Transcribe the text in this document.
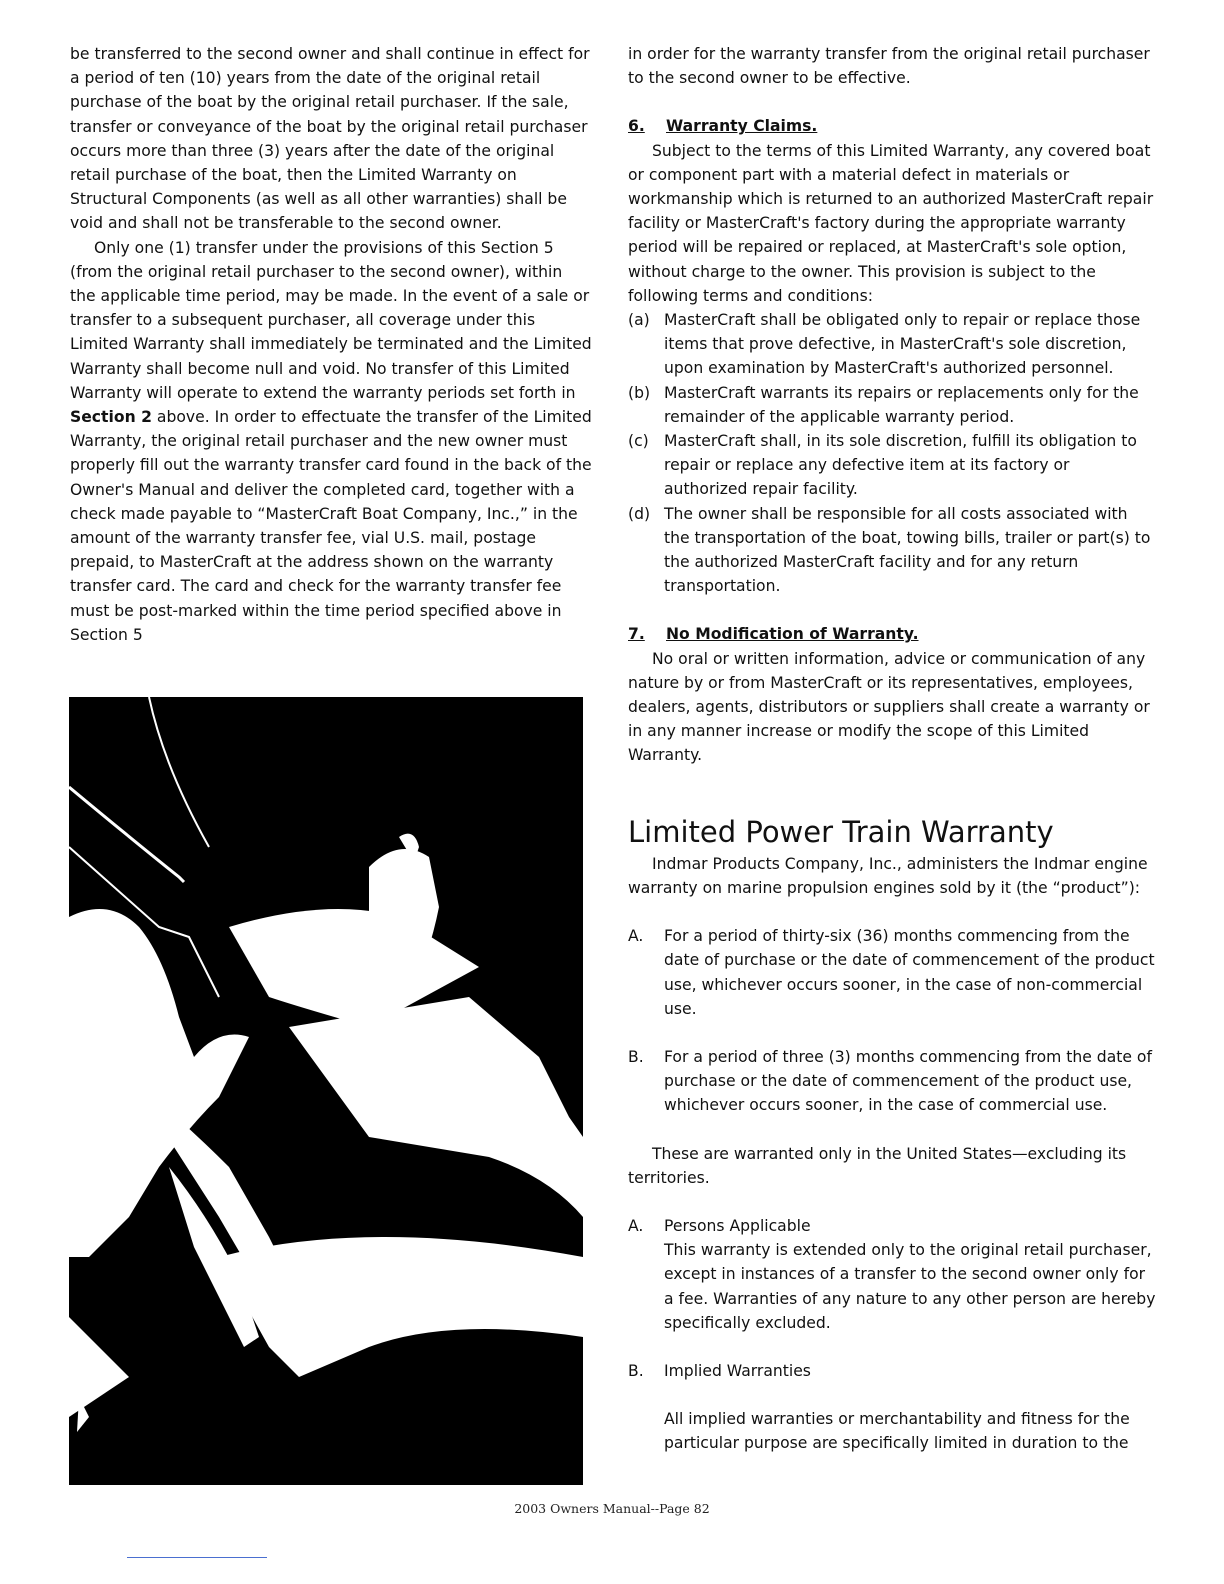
be transferred to the second owner and shall continue in effect for a period of ten (10) years from the date of the original retail purchase of the boat by the original retail purchaser. If the sale, transfer or conveyance of the boat by the original retail purchaser occurs more than three (3) years after the date of the original retail purchase of the boat, then the Limited Warranty on Structural Components (as well as all other warranties) shall be void and shall not be transferable to the second owner.

Only one (1) transfer under the provisions of this Section 5 (from the original retail purchaser to the second owner), within the applicable time period, may be made. In the event of a sale or transfer to a subsequent purchaser, all coverage under this Limited Warranty shall immediately be terminated and the Limited Warranty shall become null and void. No transfer of this Limited Warranty will operate to extend the warranty periods set forth in Section 2 above. In order to effectuate the transfer of the Limited Warranty, the original retail purchaser and the new owner must properly fill out the warranty transfer card found in the back of the Owner's Manual and deliver the completed card, together with a check made payable to “MasterCraft Boat Company, Inc.,” in the amount of the warranty transfer fee, vial U.S. mail, postage prepaid, to MasterCraft at the address shown on the warranty transfer card. The card and check for the warranty transfer fee must be post-marked within the time period specified above in Section 5

in order for the warranty transfer from the original retail purchaser to the second owner to be effective.

6. Warranty Claims.

Subject to the terms of this Limited Warranty, any covered boat or component part with a material defect in materials or workmanship which is returned to an authorized MasterCraft repair facility or MasterCraft's factory during the appropriate warranty period will be repaired or replaced, at MasterCraft's sole option, without charge to the owner. This provision is subject to the following terms and conditions:

(a) MasterCraft shall be obligated only to repair or replace those items that prove defective, in MasterCraft's sole discretion, upon examination by MasterCraft's authorized personnel.
(b) MasterCraft warrants its repairs or replacements only for the remainder of the applicable warranty period.
(c) MasterCraft shall, in its sole discretion, fulfill its obligation to repair or replace any defective item at its factory or authorized repair facility.
(d) The owner shall be responsible for all costs associated with the transportation of the boat, towing bills, trailer or part(s) to the authorized MasterCraft facility and for any return transportation.
7. No Modification of Warranty.

No oral or written information, advice or communication of any nature by or from MasterCraft or its representatives, employees, dealers, agents, distributors or suppliers shall create a warranty or in any manner increase or modify the scope of this Limited Warranty.

Limited Power Train Warranty

Indmar Products Company, Inc., administers the Indmar engine warranty on marine propulsion engines sold by it (the “product”):

A.	For a period of thirty-six (36) months commencing from the date of purchase or the date of commencement of the product use, whichever occurs sooner, in the case of non-commercial use.
B.	For a period of three (3) months commencing from the date of purchase or the date of commencement of the product use, whichever occurs sooner, in the case of commercial use.

These are warranted only in the United States—excluding its territories.

A.	Persons Applicable
This warranty is extended only to the original retail purchaser, except in instances of a transfer to the second owner only for a fee. Warranties of any nature to any other person are hereby specifically excluded.
B.	Implied Warranties
All implied warranties or merchantability and fitness for the particular purpose are specifically limited in duration to the
2003 Owners Manual--Page 82
